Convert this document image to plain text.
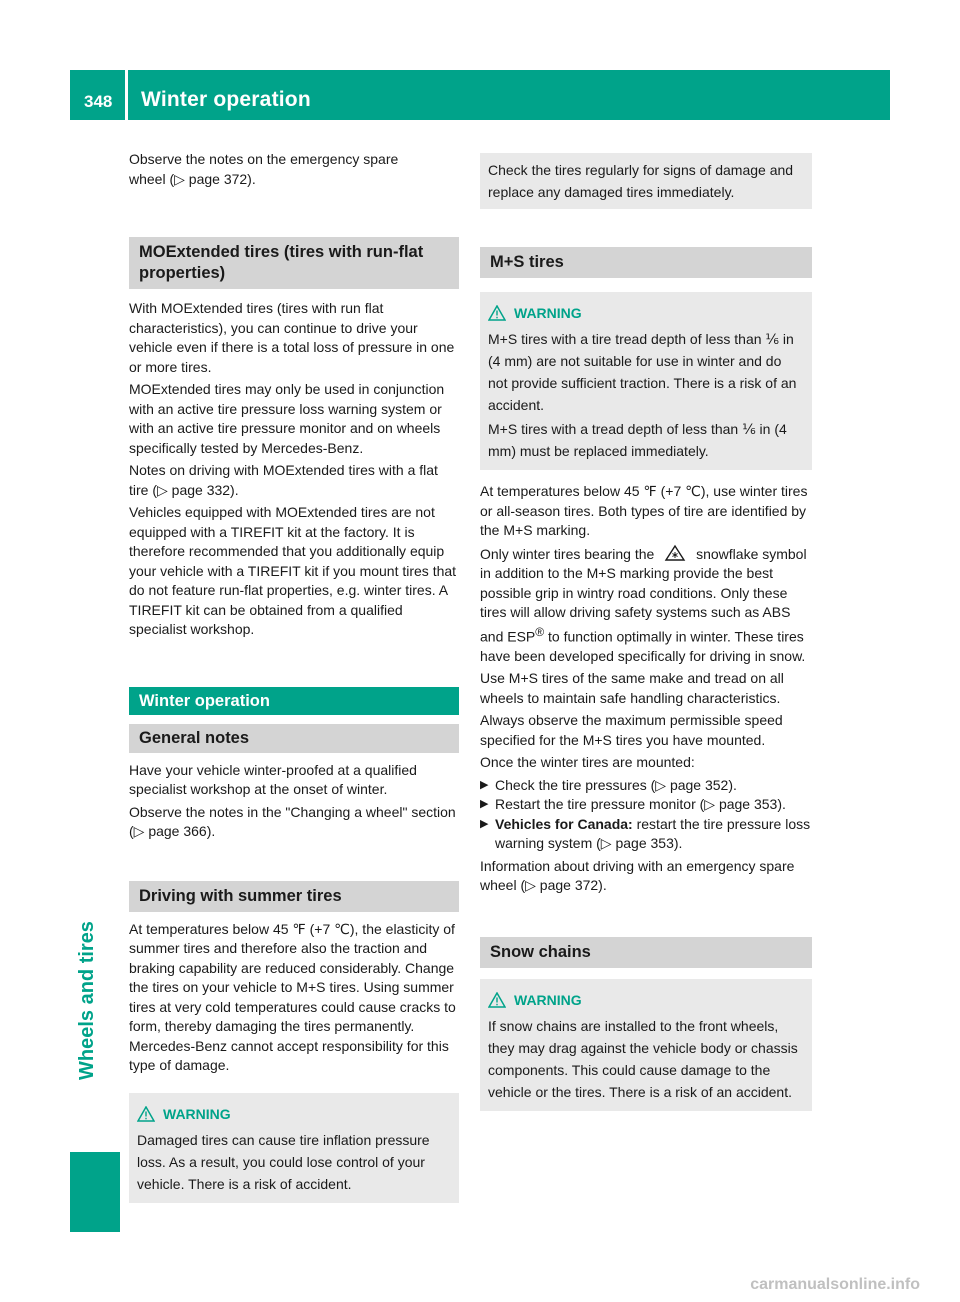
348 Winter operation
Wheels and tires

Observe the notes on the emergency spare

wheel (▷ page 372).

MOExtended tires (tires with run-flat properties)

With MOExtended tires (tires with run flat characteristics), you can continue to drive your vehicle even if there is a total loss of pressure in one or more tires.

MOExtended tires may only be used in conjunction with an active tire pressure loss warning system or with an active tire pressure monitor and on wheels specifically tested by Mercedes-Benz.

Notes on driving with MOExtended tires with a flat tire (▷ page 332).

Vehicles equipped with MOExtended tires are not equipped with a TIREFIT kit at the factory. It is therefore recommended that you additionally equip your vehicle with a TIREFIT kit if you mount tires that do not feature run-flat properties, e.g. winter tires. A TIREFIT kit can be obtained from a qualified specialist workshop.

Winter operation
General notes

Have your vehicle winter-proofed at a qualified specialist workshop at the onset of winter.

Observe the notes in the "Changing a wheel" section (▷ page 366).

Driving with summer tires

At temperatures below 45 ℉ (+7 ℃), the elasticity of summer tires and therefore also the traction and braking capability are reduced considerably. Change the tires on your vehicle to M+S tires. Using summer tires at very cold temperatures could cause cracks to form, thereby damaging the tires permanently. Mercedes-Benz cannot accept responsibility for this type of damage.

WARNING
Damaged tires can cause tire inflation pressure loss. As a result, you could lose control of your vehicle. There is a risk of accident.
Check the tires regularly for signs of damage and replace any damaged tires immediately.
M+S tires
WARNING
M+S tires with a tire tread depth of less than ⅙ in (4 mm) are not suitable for use in winter and do not provide sufficient traction. There is a risk of an accident.
M+S tires with a tread depth of less than ⅙ in (4 mm) must be replaced immediately.

At temperatures below 45 ℉ (+7 ℃), use winter tires or all-season tires. Both types of tire are identified by the M+S marking.

Only winter tires bearing the	snowflake symbol in addition to the M+S marking provide the best possible grip in wintry road conditions. Only these tires will allow driving safety systems such as ABS and ESP® to function optimally in winter. These tires have been developed specifically for driving in snow.

Use M+S tires of the same make and tread on all wheels to maintain safe handling characteristics.

Always observe the maximum permissible speed specified for the M+S tires you have mounted.

Once the winter tires are mounted:

▶ Check the tire pressures (▷ page 352).
▶ Restart the tire pressure monitor (▷ page 353).
▶ Vehicles for Canada: restart the tire pressure loss warning system (▷ page 353).

Information about driving with an emergency spare wheel (▷ page 372).

Snow chains
WARNING
If snow chains are installed to the front wheels, they may drag against the vehicle body or chassis components. This could cause damage to the vehicle or the tires. There is a risk of an accident.
carmanualsonline.info
